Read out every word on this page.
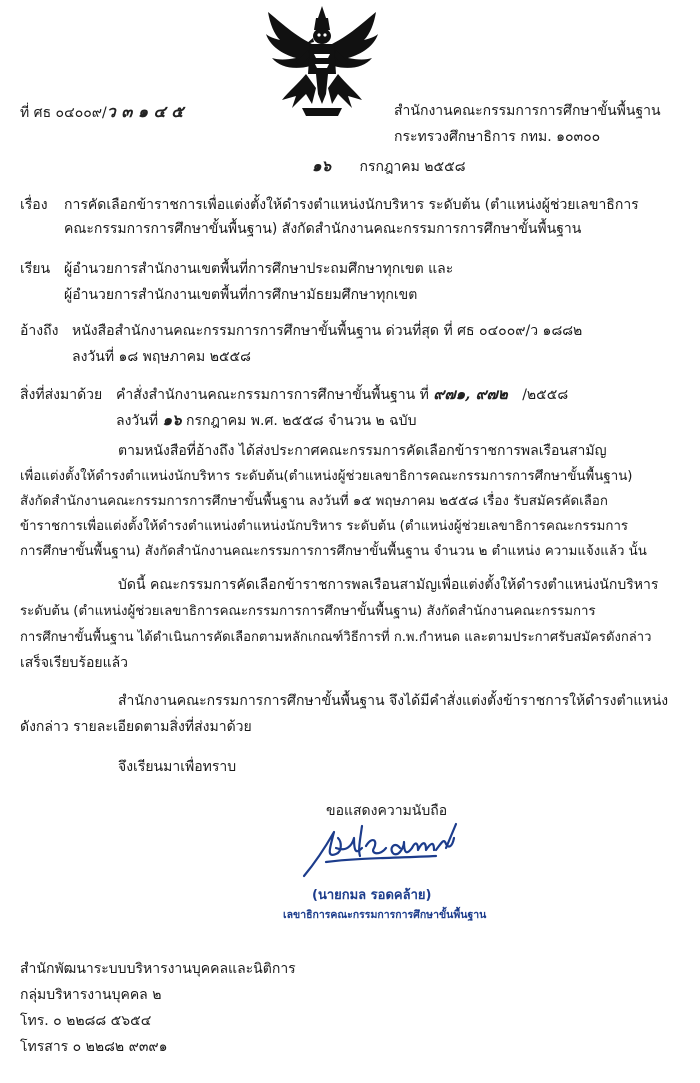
ที่ ศธ ๐๔๐๐๙/ว ๓ ๑ ๔ ๕	สำนักงานคณะกรรมการการศึกษาขั้นพื้นฐาน
กระทรวงศึกษาธิการ กทม. ๑๐๓๐๐
๑๖ กรกฎาคม ๒๕๕๘
เรื่อง การคัดเลือกข้าราชการเพื่อแต่งตั้งให้ดำรงตำแหน่งนักบริหาร ระดับต้น (ตำแหน่งผู้ช่วยเลขาธิการ
คณะกรรมการการศึกษาขั้นพื้นฐาน) สังกัดสำนักงานคณะกรรมการการศึกษาขั้นพื้นฐาน
เรียน ผู้อำนวยการสำนักงานเขตพื้นที่การศึกษาประถมศึกษาทุกเขต และ
ผู้อำนวยการสำนักงานเขตพื้นที่การศึกษามัธยมศึกษาทุกเขต
อ้างถึง หนังสือสำนักงานคณะกรรมการการศึกษาขั้นพื้นฐาน ด่วนที่สุด ที่ ศธ ๐๔๐๐๙/ว ๑๘๘๒
ลงวันที่ ๑๘ พฤษภาคม ๒๕๕๘
สิ่งที่ส่งมาด้วย คำสั่งสำนักงานคณะกรรมการการศึกษาขั้นพื้นฐาน ที่ ๙๗๑, ๙๗๒ /๒๕๕๘
ลงวันที่ ๑๖ กรกฎาคม พ.ศ. ๒๕๕๘ จำนวน ๒ ฉบับ
ตามหนังสือที่อ้างถึง ได้ส่งประกาศคณะกรรมการคัดเลือกข้าราชการพลเรือนสามัญ
เพื่อแต่งตั้งให้ดำรงตำแหน่งนักบริหาร ระดับต้น(ตำแหน่งผู้ช่วยเลขาธิการคณะกรรมการการศึกษาขั้นพื้นฐาน)
สังกัดสำนักงานคณะกรรมการการศึกษาขั้นพื้นฐาน ลงวันที่ ๑๕ พฤษภาคม ๒๕๕๘ เรื่อง รับสมัครคัดเลือก
ข้าราชการเพื่อแต่งตั้งให้ดำรงตำแหน่งตำแหน่งนักบริหาร ระดับต้น (ตำแหน่งผู้ช่วยเลขาธิการคณะกรรมการ
การศึกษาขั้นพื้นฐาน) สังกัดสำนักงานคณะกรรมการการศึกษาขั้นพื้นฐาน จำนวน ๒ ตำแหน่ง ความแจ้งแล้ว นั้น
บัดนี้ คณะกรรมการคัดเลือกข้าราชการพลเรือนสามัญเพื่อแต่งตั้งให้ดำรงตำแหน่งนักบริหาร
ระดับต้น (ตำแหน่งผู้ช่วยเลขาธิการคณะกรรมการการศึกษาขั้นพื้นฐาน) สังกัดสำนักงานคณะกรรมการ
การศึกษาขั้นพื้นฐาน ได้ดำเนินการคัดเลือกตามหลักเกณฑ์วิธีการที่ ก.พ.กำหนด และตามประกาศรับสมัครดังกล่าว
เสร็จเรียบร้อยแล้ว
สำนักงานคณะกรรมการการศึกษาขั้นพื้นฐาน จึงได้มีคำสั่งแต่งตั้งข้าราชการให้ดำรงตำแหน่ง
ดังกล่าว รายละเอียดตามสิ่งที่ส่งมาด้วย
จึงเรียนมาเพื่อทราบ
ขอแสดงความนับถือ
(นายกมล รอดคล้าย)
เลขาธิการคณะกรรมการการศึกษาขั้นพื้นฐาน
สำนักพัฒนาระบบบริหารงานบุคคลและนิติการ
กลุ่มบริหารงานบุคคล ๒
โทร. ๐ ๒๒๘๘ ๕๖๕๔
โทรสาร ๐ ๒๒๘๒ ๙๓๙๑
